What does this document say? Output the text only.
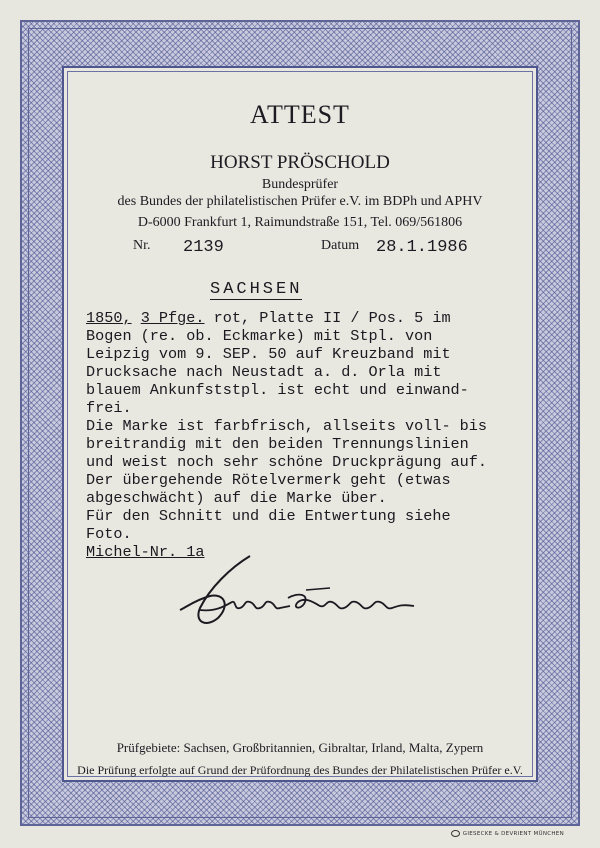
ATTEST
HORST PRÖSCHOLD
Bundesprüfer
des Bundes der philatelistischen Prüfer e.V. im BDPh und APHV
D-6000 Frankfurt 1, Raimundstraße 151, Tel. 069/561806
Nr. 2139	Datum 28.1.1986
SACHSEN
1850, 3 Pfge. rot, Platte II / Pos. 5 im
Bogen (re. ob. Eckmarke) mit Stpl. von
Leipzig vom 9. SEP. 50 auf Kreuzband mit
Drucksache nach Neustadt a. d. Orla mit
blauem Ankunfststpl. ist echt und einwand-
frei.
Die Marke ist farbfrisch, allseits voll- bis
breitrandig mit den beiden Trennungslinien
und weist noch sehr schöne Druckprägung auf.
Der übergehende Rötelvermerk geht (etwas
abgeschwächt) auf die Marke über.
Für den Schnitt und die Entwertung siehe
Foto.
Michel-Nr. 1a
Prüfgebiete: Sachsen, Großbritannien, Gibraltar, Irland, Malta, Zypern
Die Prüfung erfolgte auf Grund der Prüfordnung des Bundes der Philatelistischen Prüfer e.V.
GIESECKE & DEVRIENT MÜNCHEN
